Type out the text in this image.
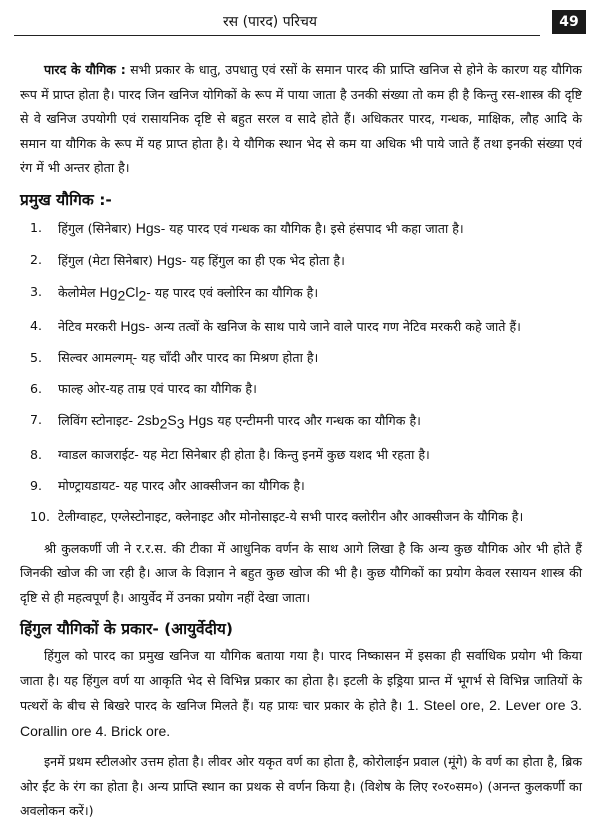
रस (पारद) परिचय	49

पारद के यौगिक : सभी प्रकार के धातु, उपधातु एवं रसों के समान पारद की प्राप्ति खनिज से होने के कारण यह यौगिक रूप में प्राप्त होता है। पारद जिन खनिज योगिकों के रूप में पाया जाता है उनकी संख्या तो कम ही है किन्तु रस-शास्त्र की दृष्टि से वे खनिज उपयोगी एवं रासायनिक दृष्टि से बहुत सरल व सादे होते हैं। अधिकतर पारद, गन्धक, माक्षिक, लौह आदि के समान या यौगिक के रूप में यह प्राप्त होता है। ये यौगिक स्थान भेद से कम या अधिक भी पाये जाते हैं तथा इनकी संख्या एवं रंग में भी अन्तर होता है।

प्रमुख यौगिक :-
1. हिंगुल (सिनेबार) Hgs- यह पारद एवं गन्धक का यौगिक है। इसे हंसपाद भी कहा जाता है।
2. हिंगुल (मेटा सिनेबार) Hgs- यह हिंगुल का ही एक भेद होता है।
3. केलोमेल $Hg_2Cl_2-$ यह पारद एवं क्लोरिन का यौगिक है।
4. नेटिव मरकरी Hgs- अन्य तत्वों के खनिज के साथ पाये जाने वाले पारद गण नेटिव मरकरी कहे जाते हैं।
5. सिल्वर आमल्गम्- यह चाँदी और पारद का मिश्रण होता है।
6. फाल्ह ओर-यह ताम्र एवं पारद का यौगिक है।
7. लिविंग स्टोनाइट- $2sb_2S_3$ Hgs यह एन्टीमनी पारद और गन्धक का यौगिक है।
8. ग्वाडल काजराईट- यह मेटा सिनेबार ही होता है। किन्तु इनमें कुछ यशद भी रहता है।
9. मोण्ट्रायडायट- यह पारद और आक्सीजन का यौगिक है।
10. टेलीग्वाहट, एग्लेस्टोनाइट, क्लेनाइट और मोनोसाइट-ये सभी पारद क्लोरीन और आक्सीजन के यौगिक है।

श्री कुलकर्णी जी ने र.र.स. की टीका में आधुनिक वर्णन के साथ आगे लिखा है कि अन्य कुछ यौगिक ओर भी होते हैं जिनकी खोज की जा रही है। आज के विज्ञान ने बहुत कुछ खोज की भी है। कुछ यौगिकों का प्रयोग केवल रसायन शास्त्र की दृष्टि से ही महत्वपूर्ण है। आयुर्वेद में उनका प्रयोग नहीं देखा जाता।

हिंगुल यौगिकों के प्रकार- (आयुर्वेदीय)

हिंगुल को पारद का प्रमुख खनिज या यौगिक बताया गया है। पारद निष्कासन में इसका ही सर्वाधिक प्रयोग भी किया जाता है। यह हिंगुल वर्ण या आकृति भेद से विभिन्न प्रकार का होता है। इटली के इड्रिया प्रान्त में भूगर्भ से विभिन्न जातियों के पत्थरों के बीच से बिखरे पारद के खनिज मिलते हैं। यह प्रायः चार प्रकार के होते है। 1. Steel ore, 2. Lever ore 3. Corallin ore 4. Brick ore.

इनमें प्रथम स्टीलओर उत्तम होता है। लीवर ओर यकृत वर्ण का होता है, कोरोलाईन प्रवाल (मूंगे) के वर्ण का होता है, ब्रिक ओर ईंट के रंग का होता है। अन्य प्राप्ति स्थान का प्रथक से वर्णन किया है। (विशेष के लिए र०र०सम०) (अनन्त कुलकर्णी का अवलोकन करें।)
